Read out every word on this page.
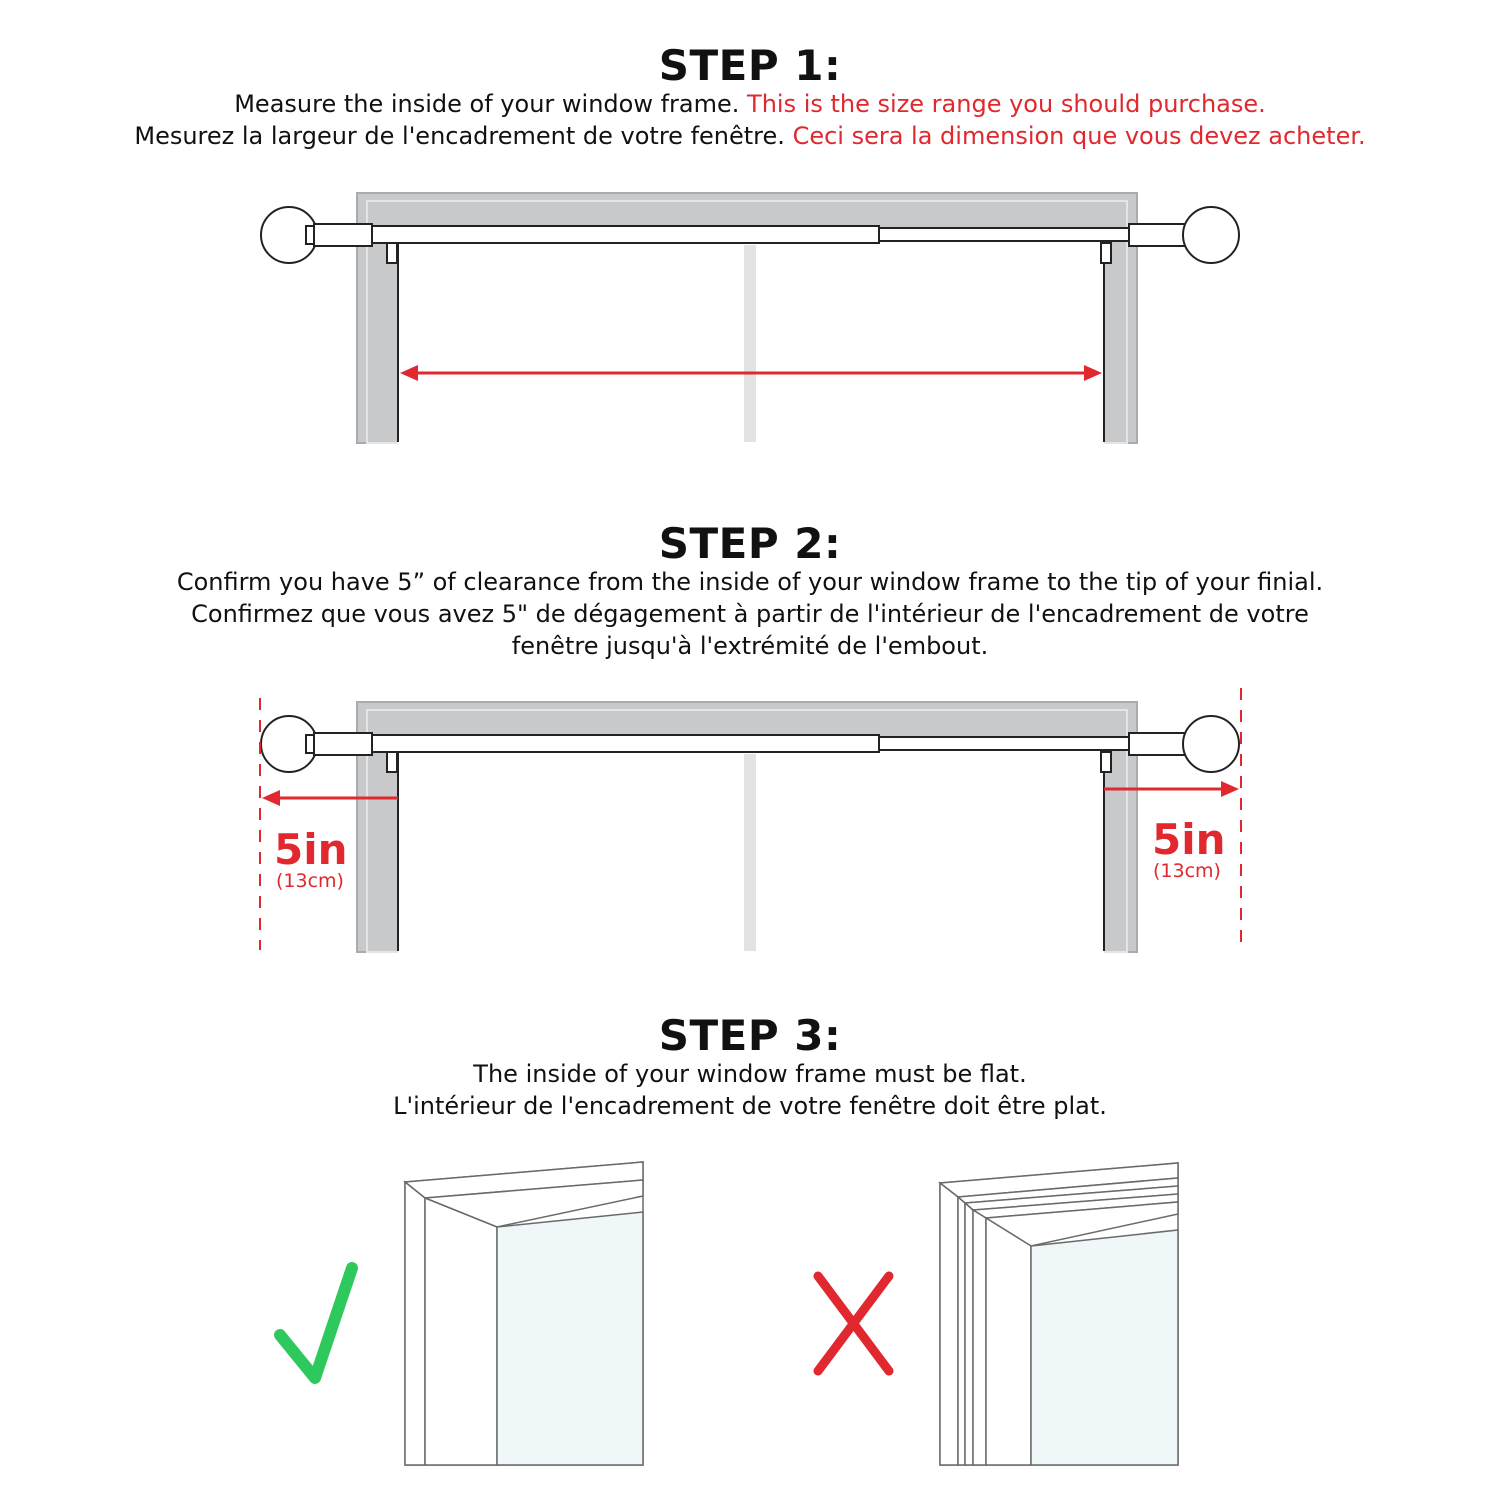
STEP 1:
Measure the inside of your window frame. This is the size range you should purchase.
Mesurez la largeur de l'encadrement de votre fenêtre. Ceci sera la dimension que vous devez acheter.
STEP 2:
Confirm you have 5” of clearance from the inside of your window frame to the tip of your finial.
Confirmez que vous avez 5" de dégagement à partir de l'intérieur de l'encadrement de votre
fenêtre jusqu'à l'extrémité de l'embout.
5in
(13cm)
5in
(13cm)
STEP 3:
The inside of your window frame must be flat.
L'intérieur de l'encadrement de votre fenêtre doit être plat.
